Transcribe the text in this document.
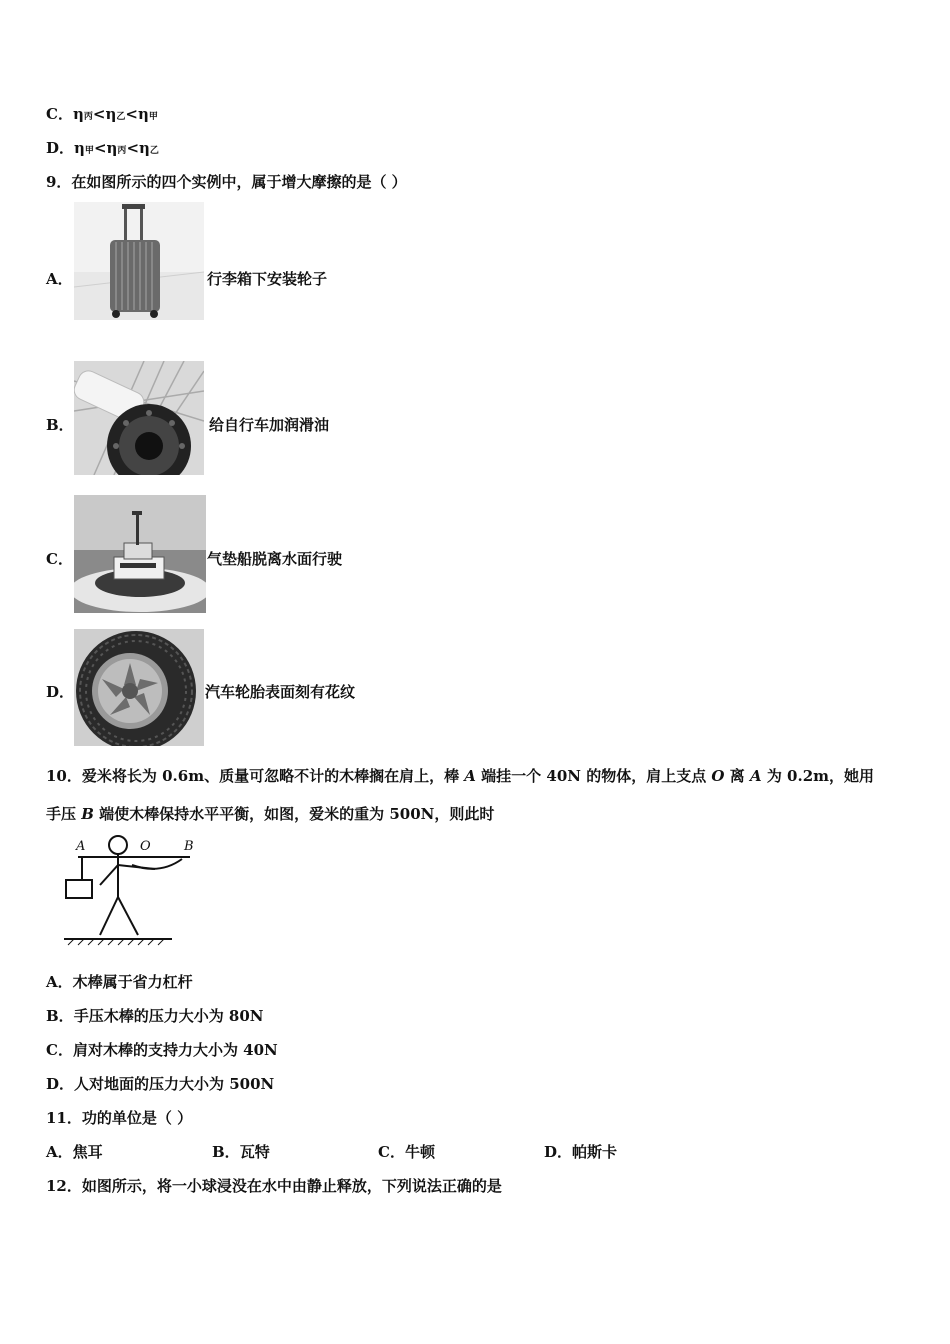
C．η丙<η乙<η甲
D．η甲<η丙<η乙
9．在如图所示的四个实例中，属于增大摩擦的是（ ）
A．	行李箱下安装轮子
B．	给自行车加润滑油
C．	气垫船脱离水面行驶
D．	汽车轮胎表面刻有花纹
10．爱米将长为 0.6m、质量可忽略不计的木棒搁在肩上，棒 A 端挂一个 40N 的物体，肩上支点 O 离 A 为 0.2m，她用
手压 B 端使木棒保持水平平衡，如图，爱米的重为 500N，则此时
A	O	B
A．木棒属于省力杠杆
B．手压木棒的压力大小为 80N
C．肩对木棒的支持力大小为 40N
D．人对地面的压力大小为 500N
11．功的单位是（ ）
A．焦耳	B．瓦特	C．牛顿	D．帕斯卡
12．如图所示，将一小球浸没在水中由静止释放，下列说法正确的是
